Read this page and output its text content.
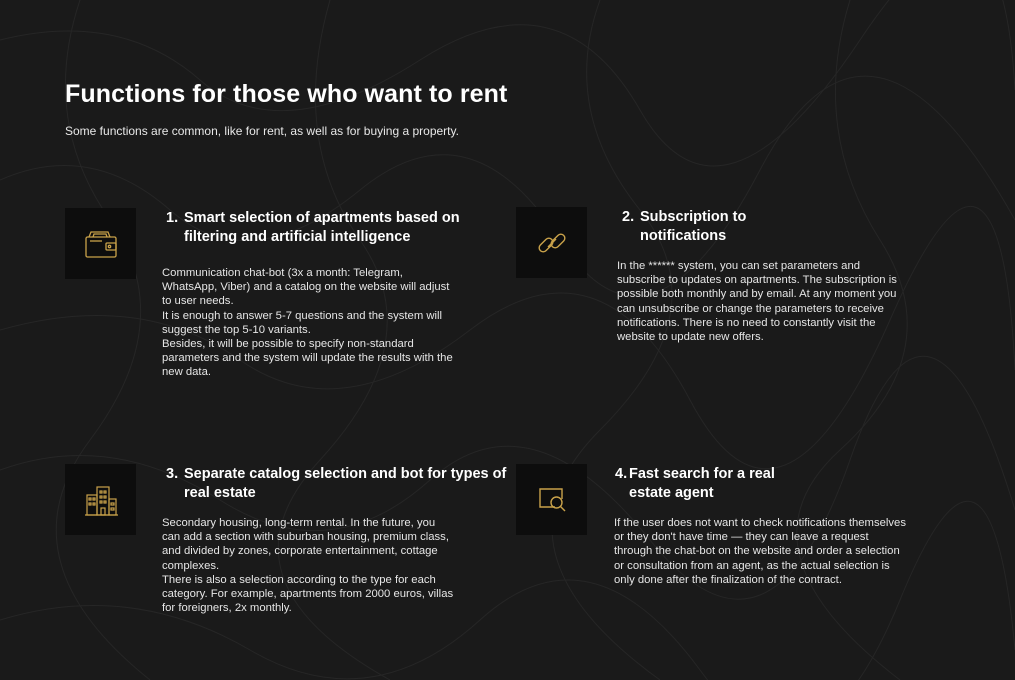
Functions for those who want to rent

Some functions are common, like for rent, as well as for buying a property.

1. Smart selection of apartments based on filtering and artificial intelligence
Communication chat-bot (3x a month: Telegram, WhatsApp, Viber) and a catalog on the website will adjust to user needs.
It is enough to answer 5-7 questions and the system will suggest the top 5-10 variants.
Besides, it will be possible to specify non-standard parameters and the system will update the results with the new data.
2. Subscription to notifications
In the ****** system, you can set parameters and subscribe to updates on apartments. The subscription is possible both monthly and by email. At any moment you can unsubscribe or change the parameters to receive notifications. There is no need to constantly visit the website to update new offers.
3. Separate catalog selection and bot for types of real estate
Secondary housing, long-term rental. In the future, you can add a section with suburban housing, premium class, and divided by zones, corporate entertainment, cottage complexes.
There is also a selection according to the type for each category. For example, apartments from 2000 euros, villas for foreigners, 2x monthly.
4. Fast search for a real estate agent
If the user does not want to check notifications themselves or they don't have time — they can leave a request through the chat-bot on the website and order a selection or consultation from an agent, as the actual selection is only done after the finalization of the contract.
